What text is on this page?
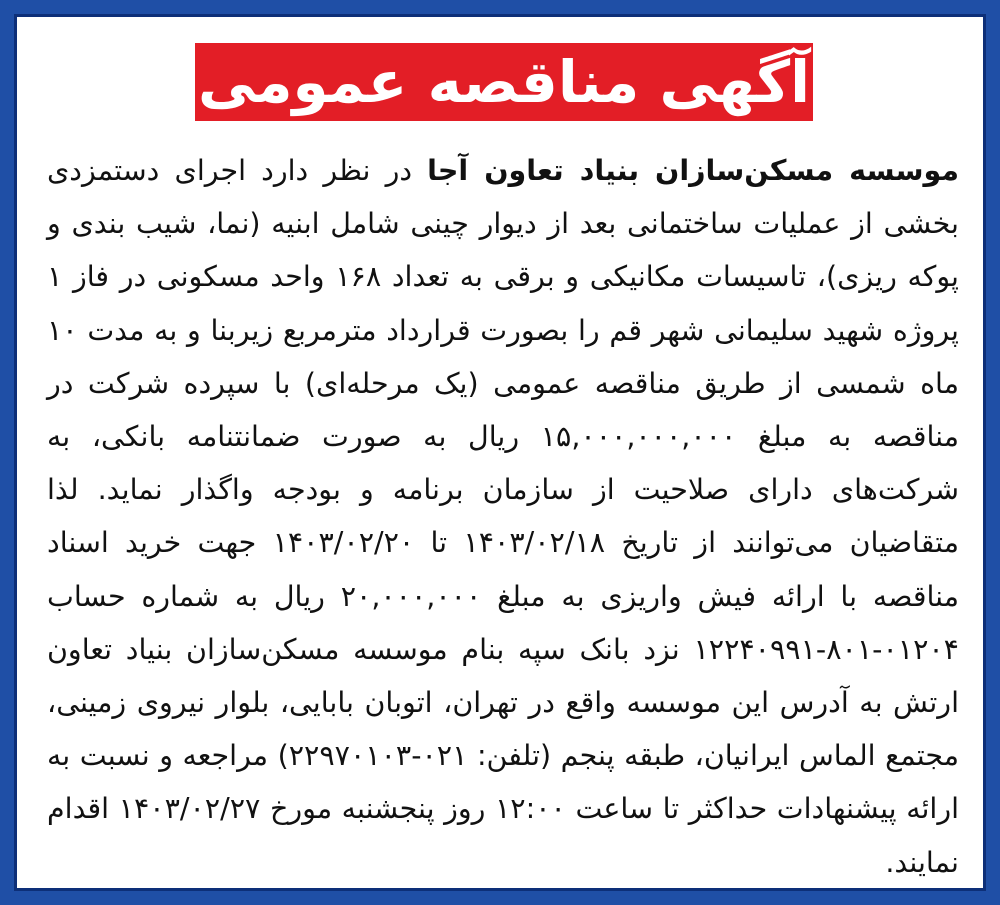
آگهی مناقصه عمومی
موسسه مسکن‌سازان بنیاد تعاون آجا در نظر دارد اجرای دستمزدی بخشی از عملیات ساختمانی بعد از دیوار چینی شامل ابنیه (نما، شیب بندی و پوکه ریزی)، تاسیسات مکانیکی و برقی به تعداد ۱۶۸ واحد مسکونی در فاز ۱ پروژه شهید سلیمانی شهر قم را بصورت قرارداد مترمربع زیربنا و به مدت ۱۰ ماه شمسی از طریق مناقصه عمومی (یک مرحله‌ای) با سپرده شرکت در مناقصه به مبلغ ۱۵,۰۰۰,۰۰۰,۰۰۰ ریال به صورت ضمانتنامه بانکی، به شرکت‌های دارای صلاحیت از سازمان برنامه و بودجه واگذار نماید. لذا متقاضیان می‌توانند از تاریخ ۱۴۰۳/۰۲/۱۸ تا ۱۴۰۳/۰۲/۲۰ جهت خرید اسناد مناقصه با ارائه فیش واریزی به مبلغ ۲۰,۰۰۰,۰۰۰ ریال به شماره حساب ۰۱۲۰۴-۸۰۱-۱۲۲۴۰۹۹۱ نزد بانک سپه بنام موسسه مسکن‌سازان بنیاد تعاون ارتش به آدرس این موسسه واقع در تهران، اتوبان بابایی، بلوار نیروی زمینی، مجتمع الماس ایرانیان، طبقه پنجم (تلفن: ۰۲۱-۲۲۹۷۰۱۰۳) مراجعه و نسبت به ارائه پیشنهادات حداکثر تا ساعت ۱۲:۰۰ روز پنجشنبه مورخ ۱۴۰۳/۰۲/۲۷ اقدام نمایند.
